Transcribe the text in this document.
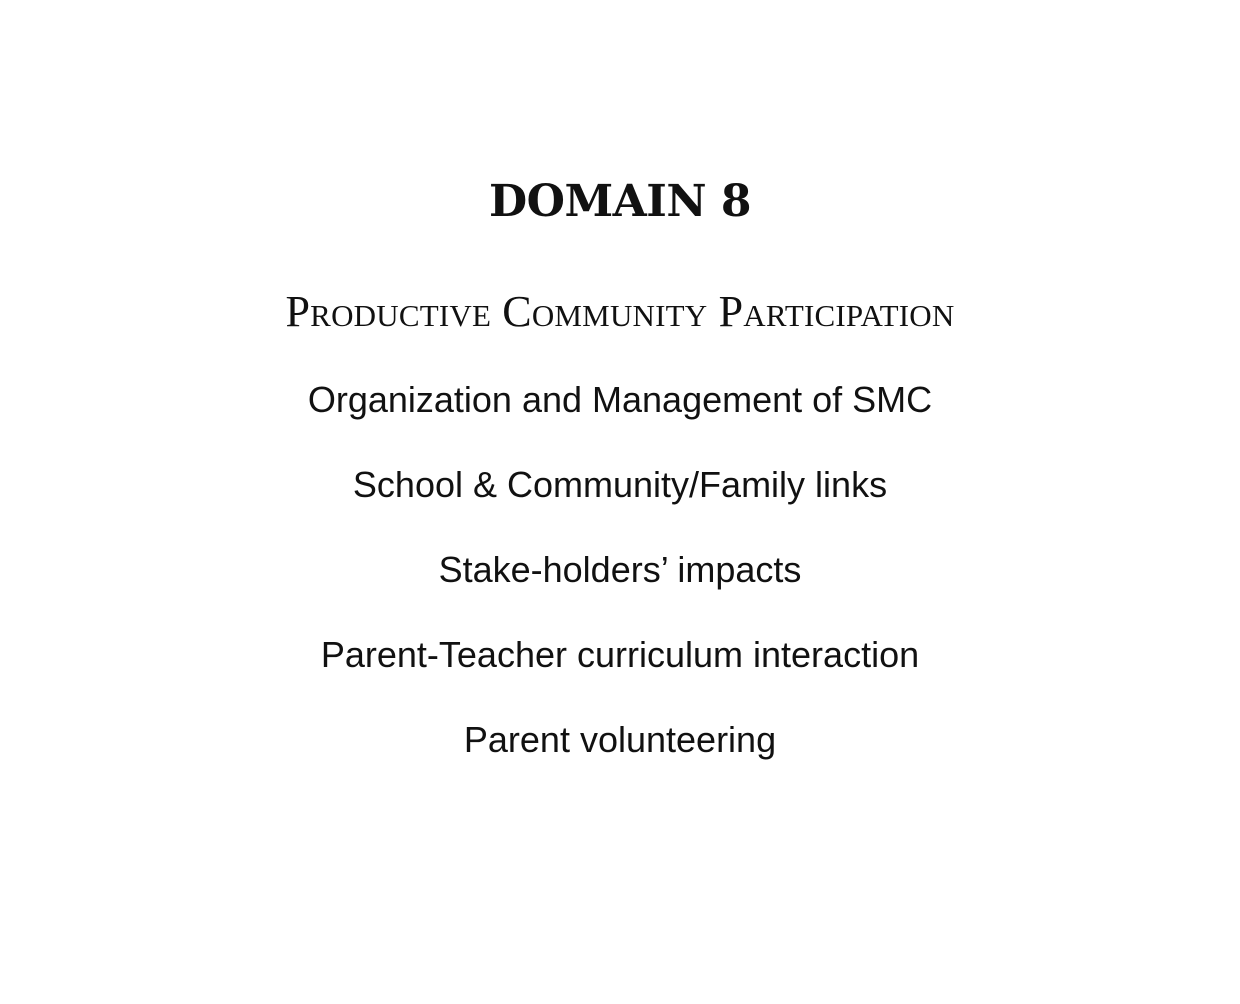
DOMAIN 8
Productive Community Participation
Organization and Management of SMC
School & Community/Family links
Stake-holders’ impacts
Parent-Teacher curriculum interaction
Parent volunteering
